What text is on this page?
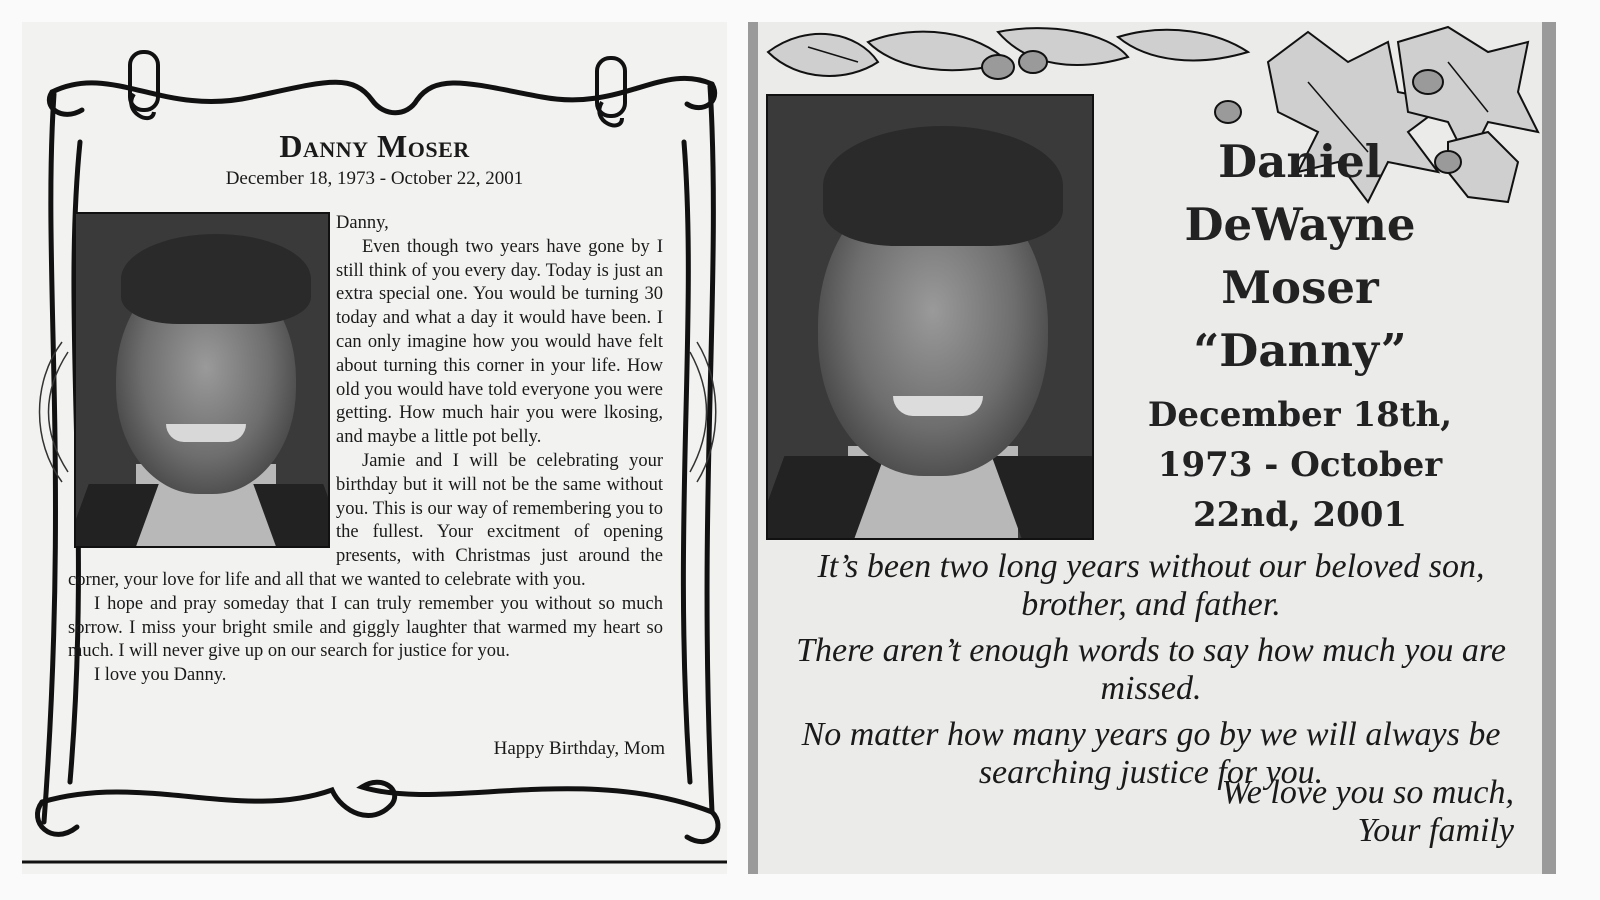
Danny Moser
December 18, 1973 - October 22, 2001

Danny,

Even though two years have gone by I still think of you every day. Today is just an extra special one. You would be turning 30 today and what a day it would have been. I can only imagine how you would have felt about turning this corner in your life. How old you would have told everyone you were getting. How much hair you were lkosing, and maybe a little pot belly.

Jamie and I will be celebrating your birthday but it will not be the same without you. This is our way of remembering you to the fullest. Your excitment of opening presents, with Christmas just around the corner, your love for life and all that we wanted to celebrate with you.

I hope and pray someday that I can truly remember you without so much sorrow. I miss your bright smile and giggly laughter that warmed my heart so much. I will never give up on our search for justice for you.

I love you Danny.

Happy Birthday, Mom
Daniel
DeWayne
Moser
“Danny”
December 18th,
1973 - October
22nd, 2001

It’s been two long years without our beloved son, brother, and father.

There aren’t enough words to say how much you are missed.

No matter how many years go by we will always be searching justice for you.

We love you so much,
Your family
